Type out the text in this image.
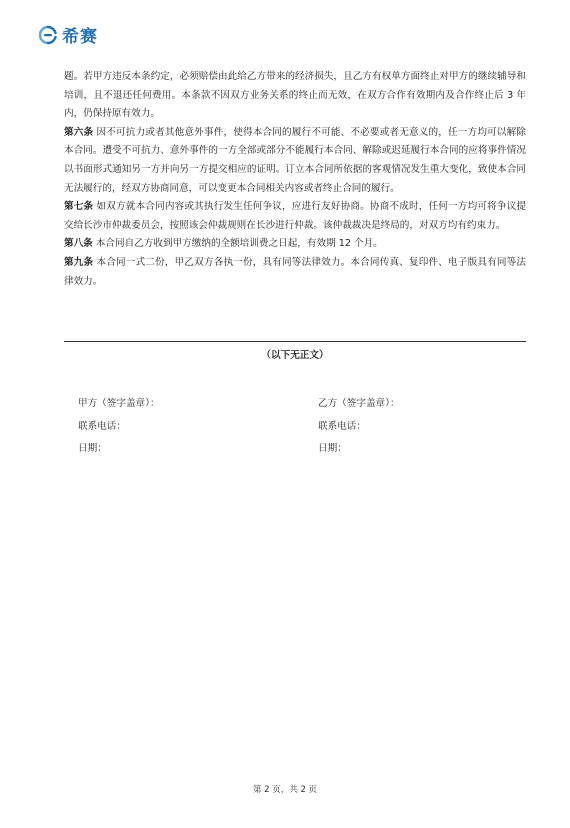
希赛

题。若甲方违反本条约定，必须赔偿由此给乙方带来的经济损失，且乙方有权单方面终止对甲方的继续辅导和培训，且不退还任何费用。本条款不因双方业务关系的终止而无效，在双方合作有效期内及合作终止后 3 年内，仍保持原有效力。

第六条 因不可抗力或者其他意外事件，使得本合同的履行不可能、不必要或者无意义的，任一方均可以解除本合同。遭受不可抗力、意外事件的一方全部或部分不能履行本合同、解除或迟延履行本合同的应将事件情况以书面形式通知另一方并向另一方提交相应的证明。订立本合同所依据的客观情况发生重大变化，致使本合同无法履行的，经双方协商同意，可以变更本合同相关内容或者终止合同的履行。

第七条 如双方就本合同内容或其执行发生任何争议，应进行友好协商。协商不成时，任何一方均可将争议提交给长沙市仲裁委员会，按照该会仲裁规则在长沙进行仲裁。该仲裁裁决是终局的，对双方均有约束力。

第八条 本合同自乙方收到甲方缴纳的全额培训费之日起，有效期 12 个月。

第九条 本合同一式二份，甲乙双方各执一份，具有同等法律效力。本合同传真、复印件、电子版具有同等法律效力。

（以下无正文）
甲方（签字盖章）：
联系电话：
日期：
乙方（签字盖章）：
联系电话：
日期：
第 2 页，共 2 页
